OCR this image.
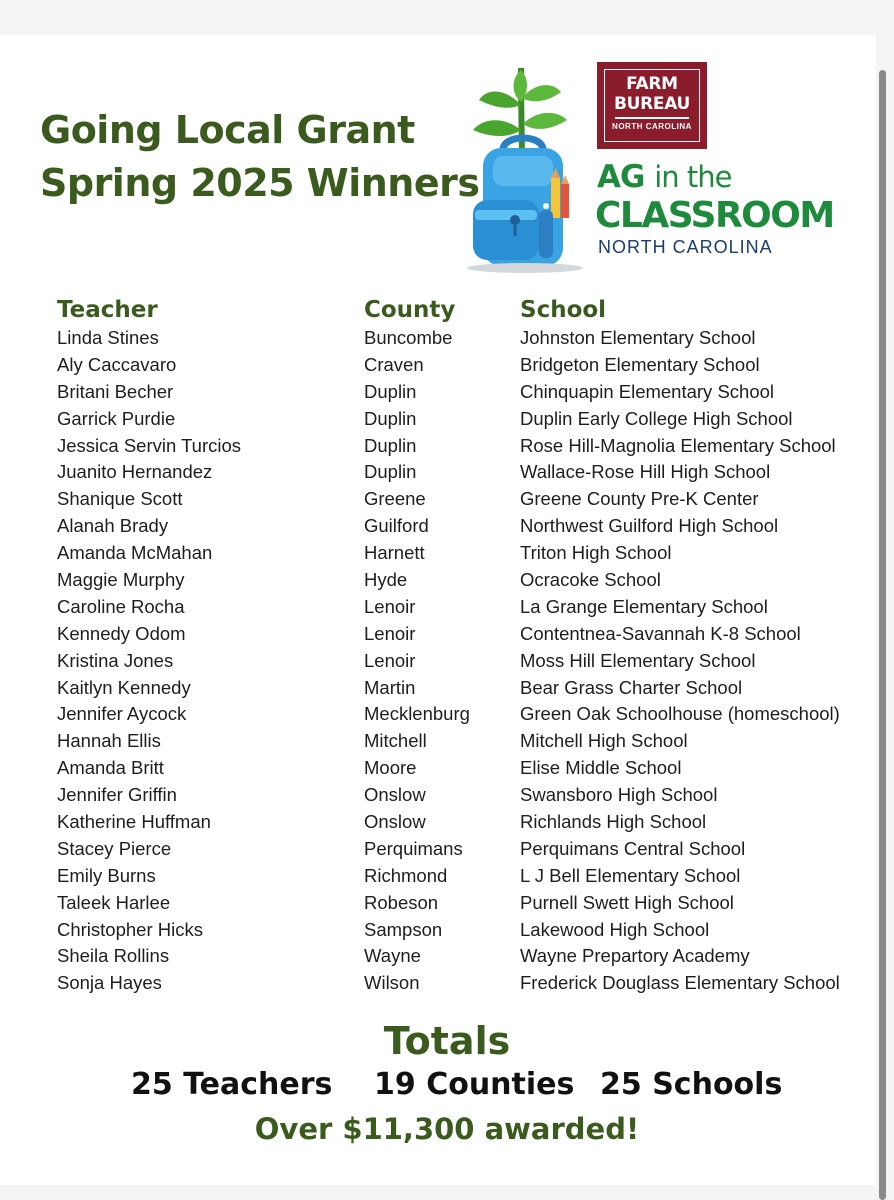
Going Local Grant
Spring 2025 Winners
FARM
BUREAU
NORTH CAROLINA
AG in the
CLASSROOM
NORTH CAROLINA
Teacher	County	School
Linda Stines	Buncombe	Johnston Elementary School
Aly Caccavaro	Craven	Bridgeton Elementary School
Britani Becher	Duplin	Chinquapin Elementary School
Garrick Purdie	Duplin	Duplin Early College High School
Jessica Servin Turcios	Duplin	Rose Hill-Magnolia Elementary School
Juanito Hernandez	Duplin	Wallace-Rose Hill High School
Shanique Scott	Greene	Greene County Pre-K Center
Alanah Brady	Guilford	Northwest Guilford High School
Amanda McMahan	Harnett	Triton High School
Maggie Murphy	Hyde	Ocracoke School
Caroline Rocha	Lenoir	La Grange Elementary School
Kennedy Odom	Lenoir	Contentnea-Savannah K-8 School
Kristina Jones	Lenoir	Moss Hill Elementary School
Kaitlyn Kennedy	Martin	Bear Grass Charter School
Jennifer Aycock	Mecklenburg	Green Oak Schoolhouse (homeschool)
Hannah Ellis	Mitchell	Mitchell High School
Amanda Britt	Moore	Elise Middle School
Jennifer Griffin	Onslow	Swansboro High School
Katherine Huffman	Onslow	Richlands High School
Stacey Pierce	Perquimans	Perquimans Central School
Emily Burns	Richmond	L J Bell Elementary School
Taleek Harlee	Robeson	Purnell Swett High School
Christopher Hicks	Sampson	Lakewood High School
Sheila Rollins	Wayne	Wayne Prepartory Academy
Sonja Hayes	Wilson	Frederick Douglass Elementary School
Totals
25 Teachers 19 Counties 25 Schools
Over $11,300 awarded!
